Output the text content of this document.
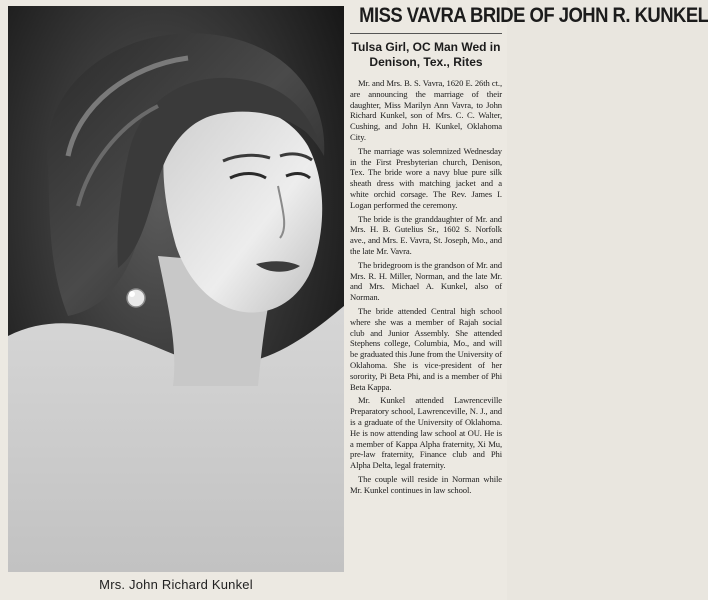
Mrs. John Richard Kunkel
MISS VAVRA BRIDE OF JOHN R. KUNKEL
Tulsa Girl, OC Man Wed in Denison, Tex., Rites

Mr. and Mrs. B. S. Vavra, 1620 E. 26th ct., are announcing the marriage of their daughter, Miss Marilyn Ann Vavra, to John Richard Kunkel, son of Mrs. C. C. Walter, Cushing, and John H. Kunkel, Oklahoma City.

The marriage was solemnized Wednesday in the First Presbyterian church, Denison, Tex. The bride wore a navy blue pure silk sheath dress with matching jacket and a white orchid corsage. The Rev. James I. Logan performed the ceremony.

The bride is the granddaughter of Mr. and Mrs. H. B. Gutelius Sr., 1602 S. Norfolk ave., and Mrs. E. Vavra, St. Joseph, Mo., and the late Mr. Vavra.

The bridegroom is the grandson of Mr. and Mrs. R. H. Miller, Norman, and the late Mr. and Mrs. Michael A. Kunkel, also of Norman.

The bride attended Central high school where she was a member of Rajah social club and Junior Assembly. She attended Stephens college, Columbia, Mo., and will be graduated this June from the University of Oklahoma. She is vice-president of her sorority, Pi Beta Phi, and is a member of Phi Beta Kappa.

Mr. Kunkel attended Lawrenceville Preparatory school, Lawrenceville, N. J., and is a graduate of the University of Oklahoma. He is now attending law school at OU. He is a member of Kappa Alpha fraternity, Xi Mu, pre-law fraternity, Finance club and Phi Alpha Delta, legal fraternity.

The couple will reside in Norman while Mr. Kunkel continues in law school.
